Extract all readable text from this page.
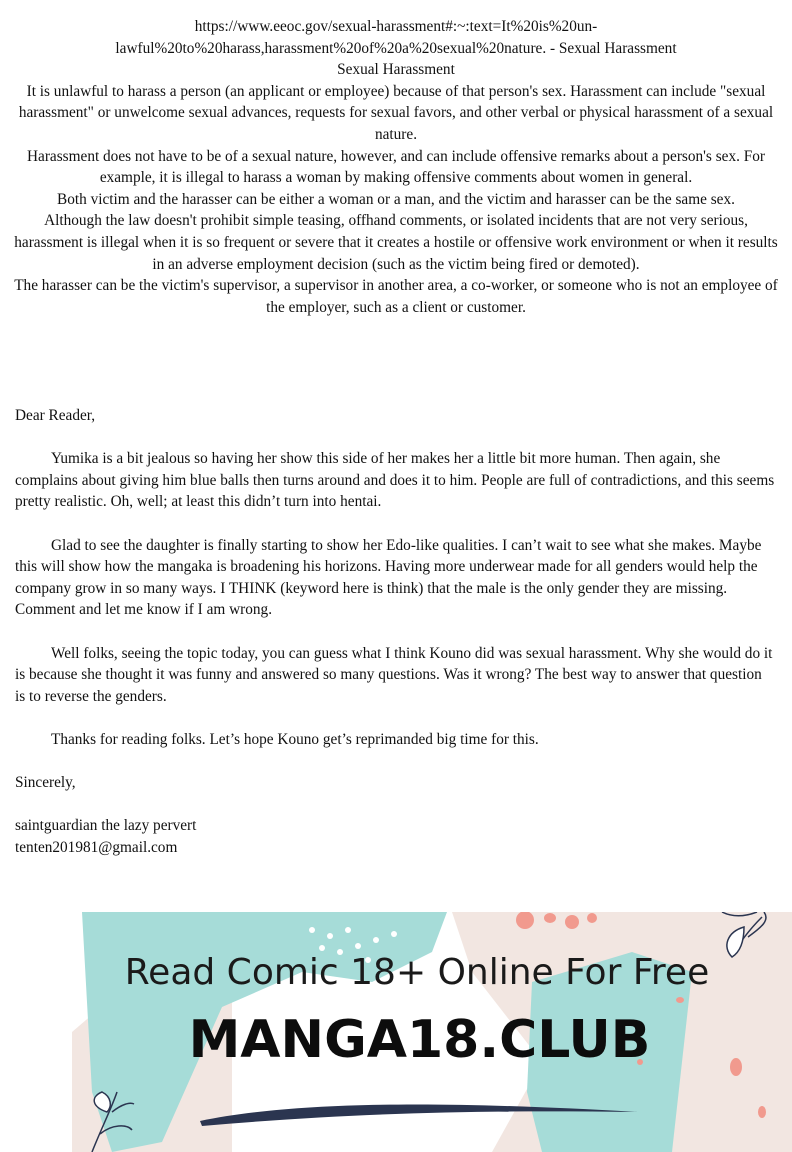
https://www.eeoc.gov/sexual-harassment#:~:text=It%20is%20un-

lawful%20to%20harass,harassment%20of%20a%20sexual%20nature. - Sexual Harassment

Sexual Harassment

It is unlawful to harass a person (an applicant or employee) because of that person's sex. Harassment can include "sexual harassment" or unwelcome sexual advances, requests for sexual favors, and other verbal or physical harassment of a sexual nature.

Harassment does not have to be of a sexual nature, however, and can include offensive remarks about a person's sex. For example, it is illegal to harass a woman by making offensive comments about women in general.

Both victim and the harasser can be either a woman or a man, and the victim and harasser can be the same sex.

Although the law doesn't prohibit simple teasing, offhand comments, or isolated incidents that are not very serious, harassment is illegal when it is so frequent or severe that it creates a hostile or offensive work environment or when it results in an adverse employment decision (such as the victim being fired or demoted).

The harasser can be the victim's supervisor, a supervisor in another area, a co-worker, or someone who is not an employee of the employer, such as a client or customer.

Dear Reader,

Yumika is a bit jealous so having her show this side of her makes her a little bit more human. Then again, she complains about giving him blue balls then turns around and does it to him. People are full of contradictions, and this seems pretty realistic. Oh, well; at least this didn’t turn into hentai.

Glad to see the daughter is finally starting to show her Edo-like qualities. I can’t wait to see what she makes. Maybe this will show how the mangaka is broadening his horizons. Having more underwear made for all genders would help the company grow in so many ways. I THINK (keyword here is think) that the male is the only gender they are missing. Comment and let me know if I am wrong.

Well folks, seeing the topic today, you can guess what I think Kouno did was sexual harassment. Why she would do it is because she thought it was funny and answered so many questions. Was it wrong? The best way to answer that question is to reverse the genders.

Thanks for reading folks. Let’s hope Kouno get’s reprimanded big time for this.

Sincerely,

saintguardian the lazy pervert

tenten201981@gmail.com

Read Comic 18+ Online For Free
MANGA18.CLUB
